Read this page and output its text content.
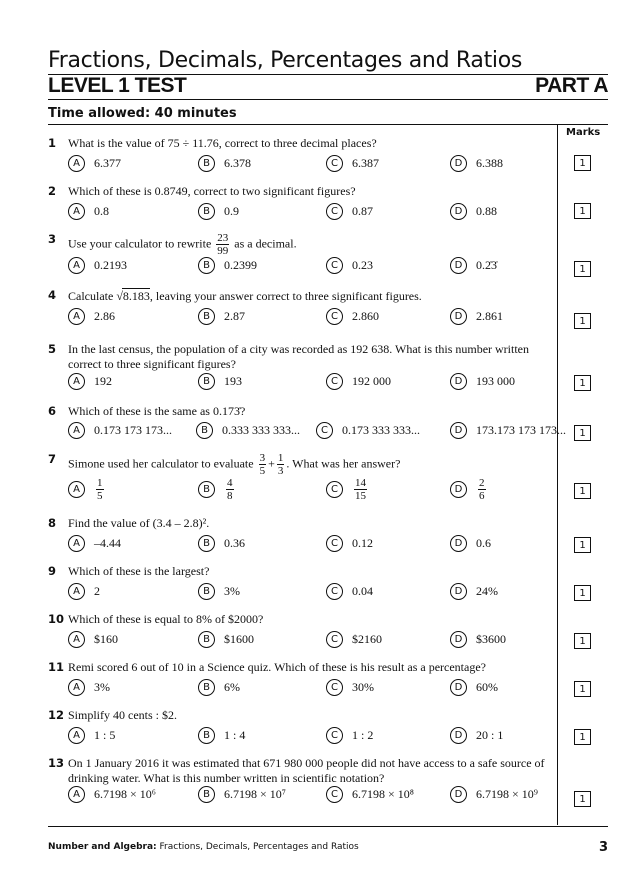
Fractions, Decimals, Percentages and Ratios
LEVEL 1 TEST	PART A
Time allowed: 40 minutes
Marks
1 What is the value of 75 ÷ 11.76, correct to three decimal places?
A	6.377	B	6.378	C	6.387	D	6.388	1
2 Which of these is 0.8749, correct to two significant figures?
A	0.8	B	0.9	C	0.87	D	0.88	1
3 Use your calculator to rewrite $\frac{23}{99}$ as a decimal.
A	0.2193	B	0.2399	C	0.23	D	0.2̇3̇	1
4 Calculate √8.183, leaving your answer correct to three significant figures.
A	2.86	B	2.87	C	2.860	D	2.861	1
5 In the last census, the population of a city was recorded as 192 638. What is this number written correct to three significant figures?
A	192	B	193	C	192 000	D	193 000	1
6 Which of these is the same as 0.173̇?
A	0.173 173 173...	B	0.333 333 333...	C	0.173 333 333...	D	173.173 173 173...	1
7 Simone used her calculator to evaluate $\frac{3}{5} + \frac{1}{3}$ . What was her answer?
A	$\frac{1}{5}$	B	$\frac{4}{8}$	C	$\frac{14}{15}$	D	$\frac{2}{6}$	1
8 Find the value of (3.4 – 2.8)².
A	–4.44	B	0.36	C	0.12	D	0.6	1
9 Which of these is the largest?
A	2	B	3%	C	0.04	D	24%	1
10 Which of these is equal to 8% of $2000?
A	$160	B	$1600	C	$2160	D	$3600	1
11 Remi scored 6 out of 10 in a Science quiz. Which of these is his result as a percentage?
A	3%	B	6%	C	30%	D	60%	1
12 Simplify 40 cents : $2.
A	1 : 5	B	1 : 4	C	1 : 2	D	20 : 1	1
13 On 1 January 2016 it was estimated that 671 980 000 people did not have access to a safe source of drinking water. What is this number written in scientific notation?
A	6.7198 × 10⁶	B	6.7198 × 10⁷	C	6.7198 × 10⁸	D	6.7198 × 10⁹	1
Number and Algebra: Fractions, Decimals, Percentages and Ratios	3
